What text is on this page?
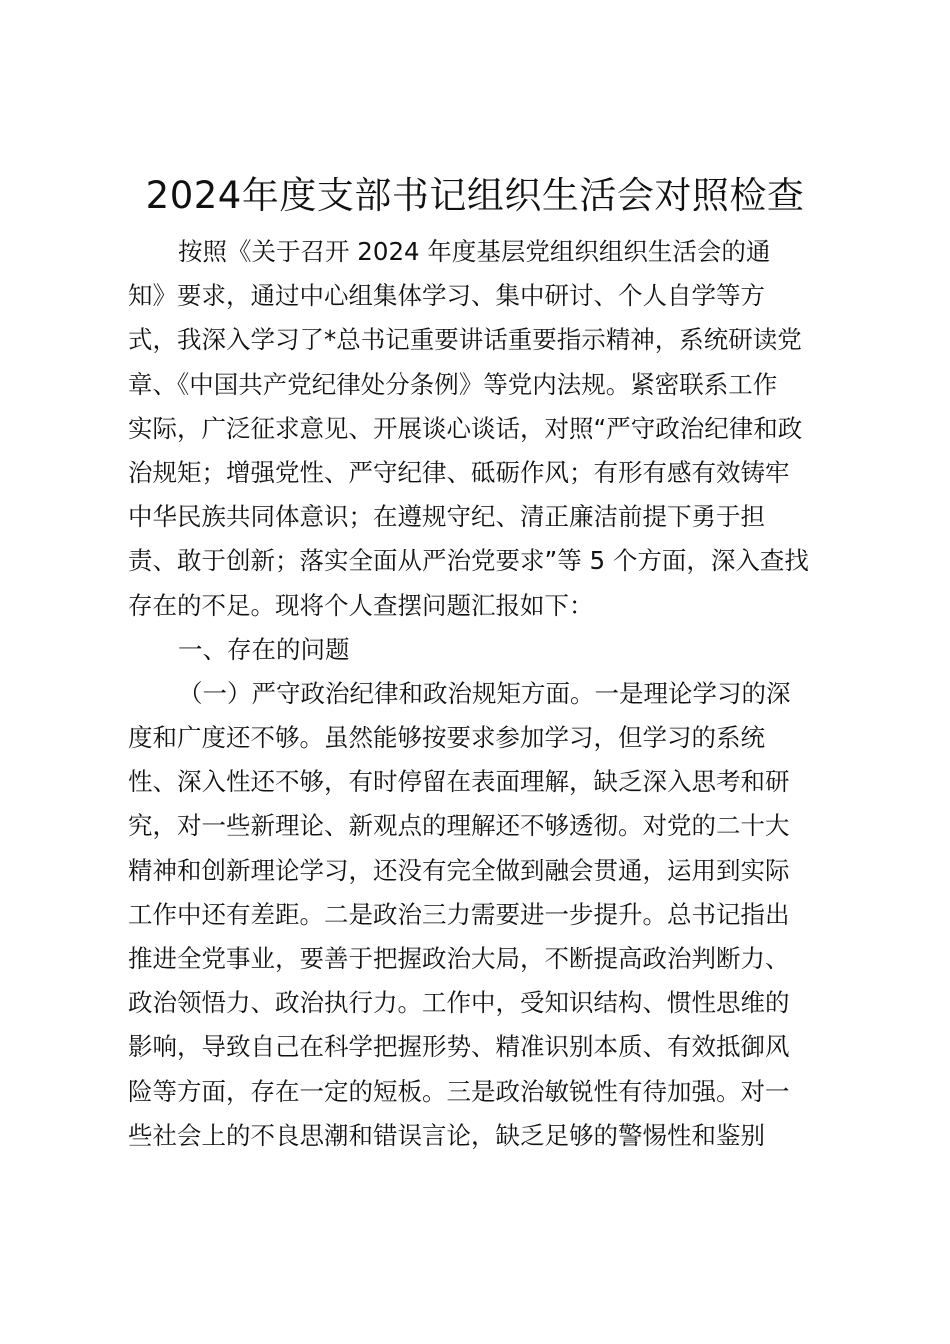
2024年度支部书记组织生活会对照检查
按照《关于召开 2024 年度基层党组织组织生活会的通
知》要求，通过中心组集体学习、集中研讨、个人自学等方
式，我深入学习了*总书记重要讲话重要指示精神，系统研读党
章、《中国共产党纪律处分条例》等党内法规。紧密联系工作
实际，广泛征求意见、开展谈心谈话，对照“严守政治纪律和政
治规矩；增强党性、严守纪律、砥砺作风；有形有感有效铸牢
中华民族共同体意识；在遵规守纪、清正廉洁前提下勇于担
责、敢于创新；落实全面从严治党要求”等 5 个方面，深入查找
存在的不足。现将个人查摆问题汇报如下：
一、存在的问题
（一）严守政治纪律和政治规矩方面。一是理论学习的深
度和广度还不够。虽然能够按要求参加学习，但学习的系统
性、深入性还不够，有时停留在表面理解，缺乏深入思考和研
究，对一些新理论、新观点的理解还不够透彻。对党的二十大
精神和创新理论学习，还没有完全做到融会贯通，运用到实际
工作中还有差距。二是政治三力需要进一步提升。总书记指出
推进全党事业，要善于把握政治大局，不断提高政治判断力、
政治领悟力、政治执行力。工作中，受知识结构、惯性思维的
影响，导致自己在科学把握形势、精准识别本质、有效抵御风
险等方面，存在一定的短板。三是政治敏锐性有待加强。对一
些社会上的不良思潮和错误言论，缺乏足够的警惕性和鉴别
